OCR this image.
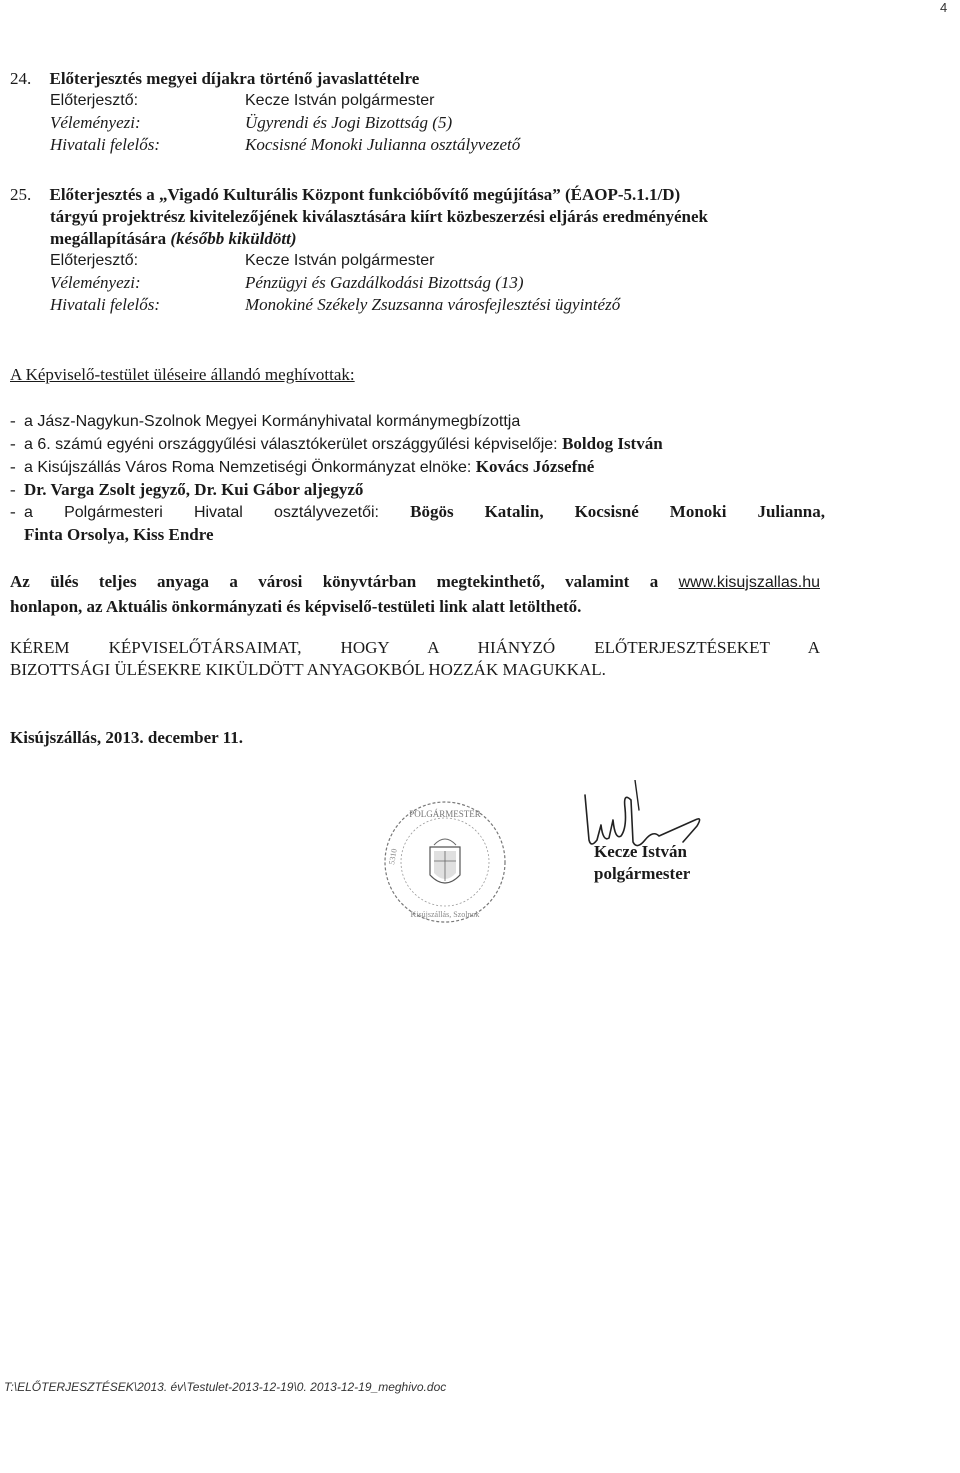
4
24. Előterjesztés megyei díjakra történő javaslattételre
Előterjesztő:	Kecze István polgármester
Véleményezi:	Ügyrendi és Jogi Bizottság (5)
Hivatali felelős:	Kocsisné Monoki Julianna osztályvezető
25. Előterjesztés a „Vigadó Kulturális Központ funkcióbővítő megújítása” (ÉAOP-5.1.1/D)
tárgyú projektrész kivitelezőjének kiválasztására kiírt közbeszerzési eljárás eredményének
megállapítására (később kiküldött)
Előterjesztő:	Kecze István polgármester
Véleményezi:	Pénzügyi és Gazdálkodási Bizottság (13)
Hivatali felelős:	Monokiné Székely Zsuzsanna városfejlesztési ügyintéző
A Képviselő-testület üléseire állandó meghívottak:
- a Jász-Nagykun-Szolnok Megyei Kormányhivatal kormánymegbízottja
- a 6. számú egyéni országgyűlési választókerület országgyűlési képviselője: Boldog István
- a Kisújszállás Város Roma Nemzetiségi Önkormányzat elnöke: Kovács Józsefné
- Dr. Varga Zsolt jegyző, Dr. Kui Gábor aljegyző
- a Polgármesteri Hivatal osztályvezetői: Bögös Katalin, Kocsisné Monoki Julianna,
Finta Orsolya, Kiss Endre
Az ülés teljes anyaga a városi könyvtárban megtekinthető, valamint a www.kisujszallas.hu
honlapon, az Aktuális önkormányzati és képviselő-testületi link alatt letölthető.
KÉREM KÉPVISELŐTÁRSAIMAT, HOGY A HIÁNYZÓ ELŐTERJESZTÉSEKET A
BIZOTTSÁGI ÜLÉSEKRE KIKÜLDÖTT ANYAGOKBÓL HOZZÁK MAGUKKAL.
Kisújszállás, 2013. december 11.
POLGÁRMESTER
Kisújszállás, Szolnok
5310	Kecze István
polgármester
T:\ELŐTERJESZTÉSEK\2013. év\Testulet-2013-12-19\0. 2013-12-19_meghivo.doc
